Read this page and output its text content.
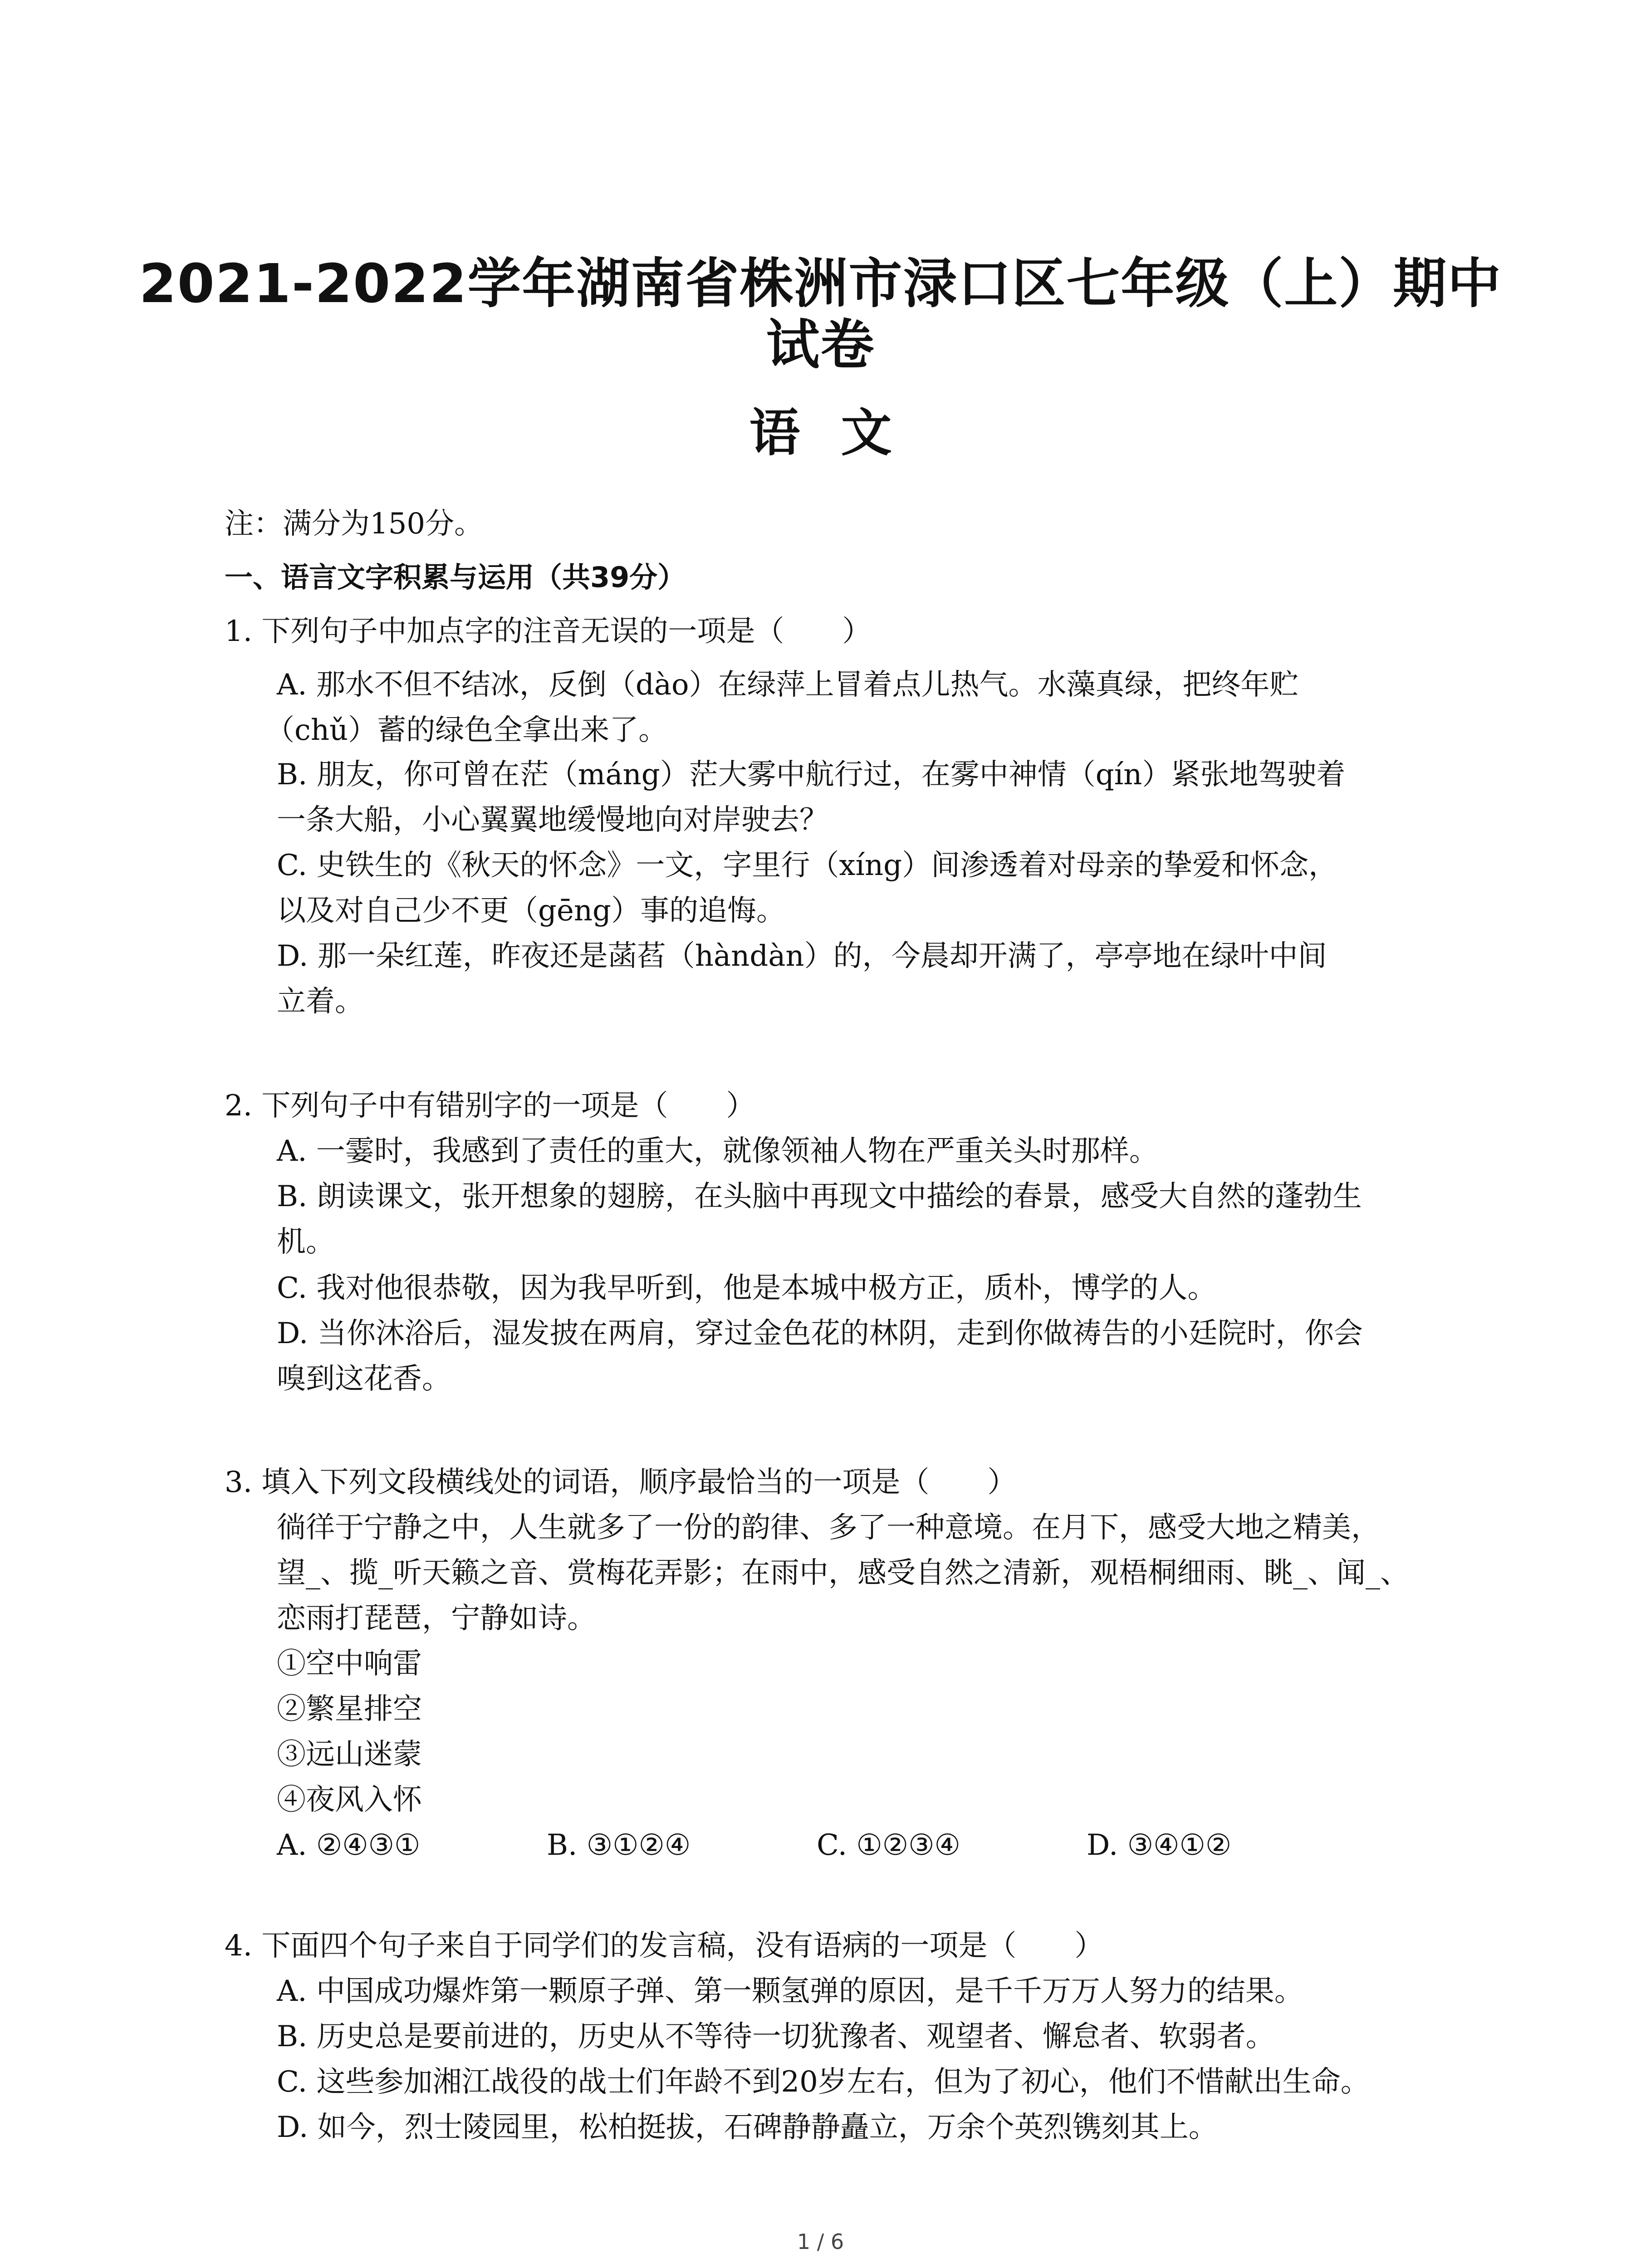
2021-2022学年湖南省株洲市渌口区七年级（上）期中
试卷
语文
注：满分为150分。
一、语言文字积累与运用（共39分）
1. 下列句子中加点字的注音无误的一项是（　　）
A. 那水不但不结冰，反倒（dào）在绿萍上冒着点儿热气。水藻真绿，把终年贮
（chǔ）蓄的绿色全拿出来了。
B. 朋友，你可曾在茫（máng）茫大雾中航行过，在雾中神情（qín）紧张地驾驶着
一条大船，小心翼翼地缓慢地向对岸驶去？
C. 史铁生的《秋天的怀念》一文，字里行（xíng）间渗透着对母亲的挚爱和怀念，
以及对自己少不更（gēng）事的追悔。
D. 那一朵红莲，昨夜还是菡萏（hàndàn）的，今晨却开满了，亭亭地在绿叶中间
立着。
2. 下列句子中有错别字的一项是（　　）
A. 一霎时，我感到了责任的重大，就像领袖人物在严重关头时那样。
B. 朗读课文，张开想象的翅膀，在头脑中再现文中描绘的春景，感受大自然的蓬勃生
机。
C. 我对他很恭敬，因为我早听到，他是本城中极方正，质朴，博学的人。
D. 当你沐浴后，湿发披在两肩，穿过金色花的林阴，走到你做祷告的小廷院时，你会
嗅到这花香。
3. 填入下列文段横线处的词语，顺序最恰当的一项是（　　）
徜徉于宁静之中，人生就多了一份的韵律、多了一种意境。在月下，感受大地之精美，
望_、揽_听天籁之音、赏梅花弄影；在雨中，感受自然之清新，观梧桐细雨、眺_、闻_、
恋雨打琵琶，宁静如诗。
①空中响雷
②繁星排空
③远山迷蒙
④夜风入怀
A. ②④③①	B. ③①②④	C. ①②③④	D. ③④①②
4. 下面四个句子来自于同学们的发言稿，没有语病的一项是（　　）
A. 中国成功爆炸第一颗原子弹、第一颗氢弹的原因，是千千万万人努力的结果。
B. 历史总是要前进的，历史从不等待一切犹豫者、观望者、懈怠者、软弱者。
C. 这些参加湘江战役的战士们年龄不到20岁左右，但为了初心，他们不惜献出生命。
D. 如今，烈士陵园里，松柏挺拔，石碑静静矗立，万余个英烈镌刻其上。
1 / 6
